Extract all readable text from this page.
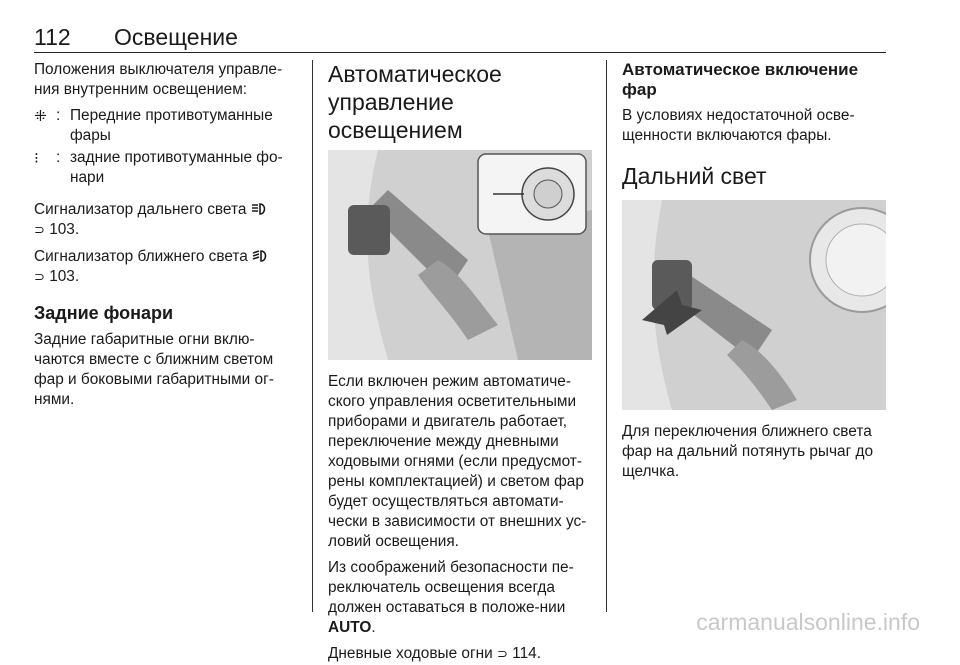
112 Освещение

Положения выключателя управле-ния внутренним освещением:

⁜ : Передние противотуманные фары
⁝	: задние противотуманные фо-нари

Сигнализатор дальнего света
⊃ 103.

Сигнализатор ближнего света
⊃ 103.

Задние фонари

Задние габаритные огни вклю-чаются вместе с ближним светом фар и боковыми габаритными ог-нями.

Автоматическое управление освещением

Если включен режим автоматиче-ского управления осветительными приборами и двигатель работает, переключение между дневными ходовыми огнями (если предусмот-рены комплектацией) и светом фар будет осуществляться автомати-чески в зависимости от внешних ус-ловий освещения.

Из соображений безопасности пе-реключатель освещения всегда должен оставаться в положе-нии AUTO.

Дневные ходовые огни ⊃ 114.

Автоматическое включение фар

В условиях недостаточной осве-щенности включаются фары.

Дальний свет

Для переключения ближнего света фар на дальний потянуть рычаг до щелчка.

carmanualsonline.info
